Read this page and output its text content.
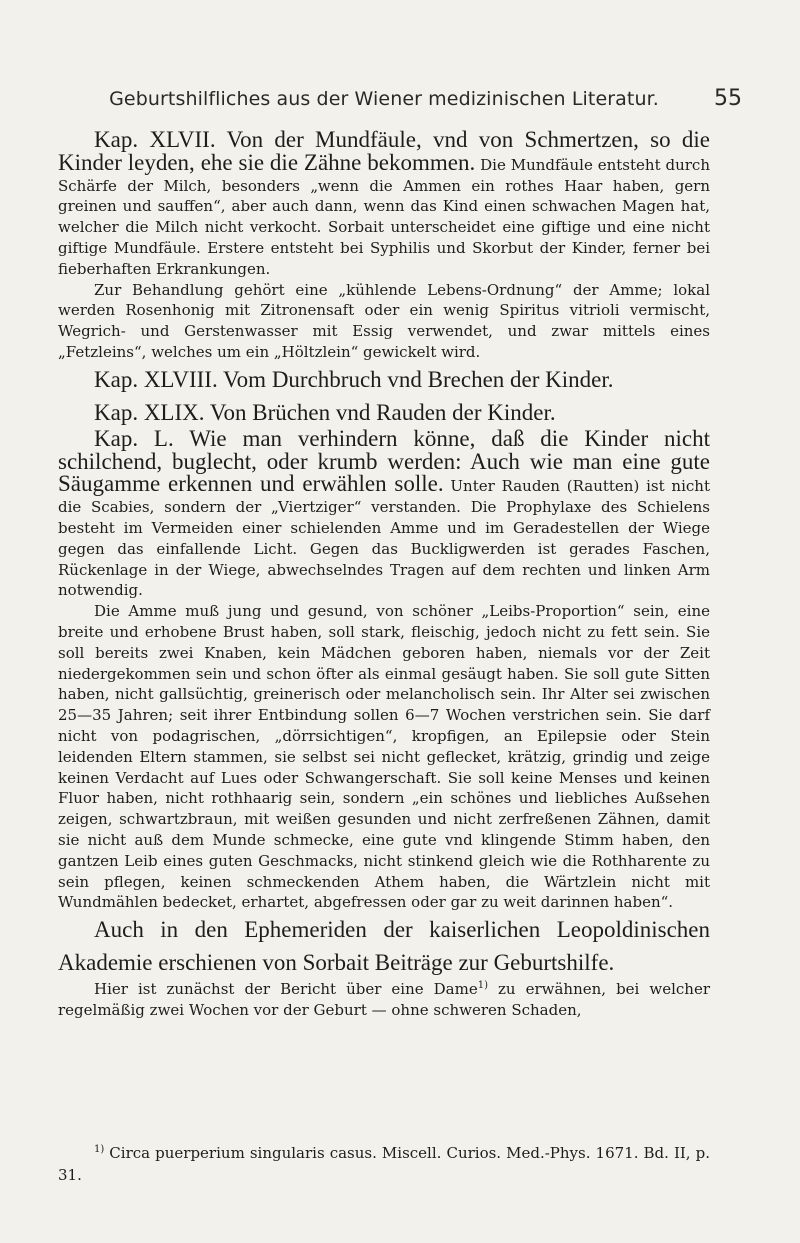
Geburtshilfliches aus der Wiener medizinischen Literatur.	55

Kap. XLVII. Von der Mundfäule, vnd von Schmertzen, so die Kinder leyden, ehe sie die Zähne bekommen. Die Mundfäule entsteht durch Schärfe der Milch, besonders „wenn die Ammen ein rothes Haar haben, gern greinen und sauffen“, aber auch dann, wenn das Kind einen schwachen Magen hat, welcher die Milch nicht verkocht. Sorbait unterscheidet eine giftige und eine nicht giftige Mundfäule. Erstere entsteht bei Syphilis und Skorbut der Kinder, ferner bei fieberhaften Erkrankungen.

Zur Behandlung gehört eine „kühlende Lebens-Ordnung“ der Amme; lokal werden Rosenhonig mit Zitronensaft oder ein wenig Spiritus vitrioli vermischt, Wegrich- und Gerstenwasser mit Essig verwendet, und zwar mittels eines „Fetzleins“, welches um ein „Höltzlein“ gewickelt wird.

Kap. XLVIII. Vom Durchbruch vnd Brechen der Kinder.

Kap. XLIX. Von Brüchen vnd Rauden der Kinder.

Kap. L. Wie man verhindern könne, daß die Kinder nicht schilchend, buglecht, oder krumb werden: Auch wie man eine gute Säugamme erkennen und erwählen solle. Unter Rauden (Rautten) ist nicht die Scabies, sondern der „Viertziger“ verstanden. Die Prophylaxe des Schielens besteht im Vermeiden einer schielenden Amme und im Geradestellen der Wiege gegen das einfallende Licht. Gegen das Buckligwerden ist gerades Faschen, Rückenlage in der Wiege, abwechselndes Tragen auf dem rechten und linken Arm notwendig.

Die Amme muß jung und gesund, von schöner „Leibs-Proportion“ sein, eine breite und erhobene Brust haben, soll stark, fleischig, jedoch nicht zu fett sein. Sie soll bereits zwei Knaben, kein Mädchen geboren haben, niemals vor der Zeit niedergekommen sein und schon öfter als einmal gesäugt haben. Sie soll gute Sitten haben, nicht gallsüchtig, greinerisch oder melancholisch sein. Ihr Alter sei zwischen 25—35 Jahren; seit ihrer Entbindung sollen 6—7 Wochen verstrichen sein. Sie darf nicht von podagrischen, „dörrsichtigen“, kropfigen, an Epilepsie oder Stein leidenden Eltern stammen, sie selbst sei nicht geflecket, krätzig, grindig und zeige keinen Verdacht auf Lues oder Schwangerschaft. Sie soll keine Menses und keinen Fluor haben, nicht rothhaarig sein, sondern „ein schönes und liebliches Außsehen zeigen, schwartzbraun, mit weißen gesunden und nicht zerfreßenen Zähnen, damit sie nicht auß dem Munde schmecke, eine gute vnd klingende Stimm haben, den gantzen Leib eines guten Geschmacks, nicht stinkend gleich wie die Rothharente zu sein pflegen, keinen schmeckenden Athem haben, die Wärtzlein nicht mit Wundmählen bedecket, erhartet, abgefressen oder gar zu weit darinnen haben“.

Auch in den Ephemeriden der kaiserlichen Leopoldinischen Akademie erschienen von Sorbait Beiträge zur Geburtshilfe.

Hier ist zunächst der Bericht über eine Dame$^{1)}$ zu erwähnen, bei welcher regelmäßig zwei Wochen vor der Geburt — ohne schweren Schaden,

$^{1)}$ Circa puerperium singularis casus. Miscell. Curios. Med.-Phys. 1671. Bd. II, p. 31.
